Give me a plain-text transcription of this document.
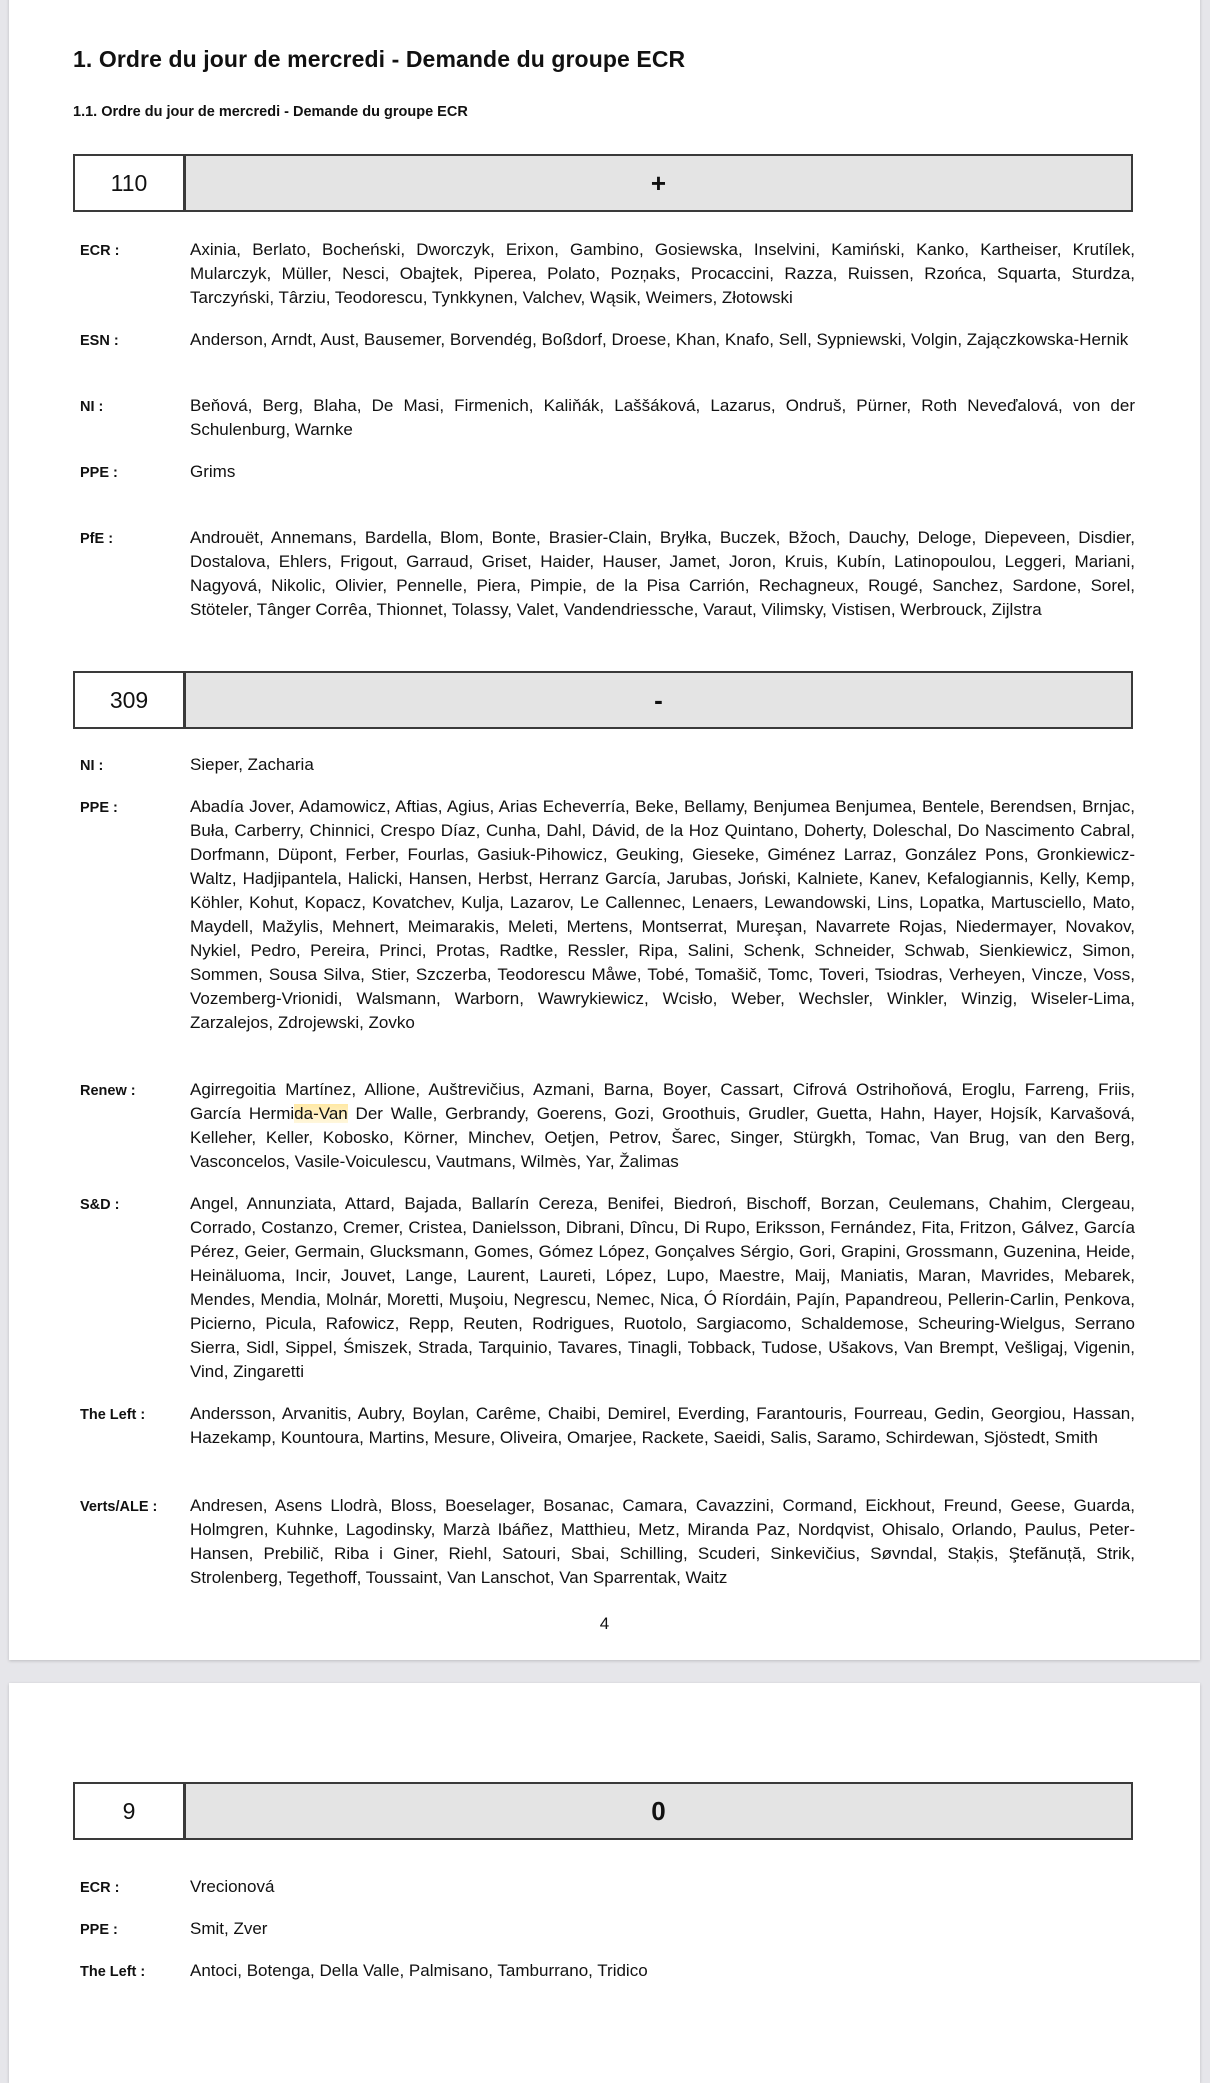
1. Ordre du jour de mercredi - Demande du groupe ECR
1.1. Ordre du jour de mercredi - Demande du groupe ECR
110	+
ECR :	Axinia, Berlato, Bocheński, Dworczyk, Erixon, Gambino, Gosiewska, Inselvini, Kamiński, Kanko, Kartheiser, Krutílek, Mularczyk, Müller, Nesci, Obajtek, Piperea, Polato, Pozņaks, Procaccini, Razza, Ruissen, Rzońca, Squarta, Sturdza, Tarczyński, Târziu, Teodorescu, Tynkkynen, Valchev, Wąsik, Weimers, Złotowski
ESN :	Anderson, Arndt, Aust, Bausemer, Borvendég, Boßdorf, Droese, Khan, Knafo, Sell, Sypniewski, Volgin, Zajączkowska-Hernik
NI :	Beňová, Berg, Blaha, De Masi, Firmenich, Kaliňák, Laššáková, Lazarus, Ondruš, Pürner, Roth Neveďalová, von der Schulenburg, Warnke
PPE :	Grims
PfE :	Androuët, Annemans, Bardella, Blom, Bonte, Brasier-Clain, Bryłka, Buczek, Bžoch, Dauchy, Deloge, Diepeveen, Disdier, Dostalova, Ehlers, Frigout, Garraud, Griset, Haider, Hauser, Jamet, Joron, Kruis, Kubín, Latinopoulou, Leggeri, Mariani, Nagyová, Nikolic, Olivier, Pennelle, Piera, Pimpie, de la Pisa Carrión, Rechagneux, Rougé, Sanchez, Sardone, Sorel, Stöteler, Tânger Corrêa, Thionnet, Tolassy, Valet, Vandendriessche, Varaut, Vilimsky, Vistisen, Werbrouck, Zijlstra
309	-
NI :	Sieper, Zacharia
PPE :	Abadía Jover, Adamowicz, Aftias, Agius, Arias Echeverría, Beke, Bellamy, Benjumea Benjumea, Bentele, Berendsen, Brnjac, Buła, Carberry, Chinnici, Crespo Díaz, Cunha, Dahl, Dávid, de la Hoz Quintano, Doherty, Doleschal, Do Nascimento Cabral, Dorfmann, Düpont, Ferber, Fourlas, Gasiuk-Pihowicz, Geuking, Gieseke, Giménez Larraz, González Pons, Gronkiewicz-Waltz, Hadjipantela, Halicki, Hansen, Herbst, Herranz García, Jarubas, Joński, Kalniete, Kanev, Kefalogiannis, Kelly, Kemp, Köhler, Kohut, Kopacz, Kovatchev, Kulja, Lazarov, Le Callennec, Lenaers, Lewandowski, Lins, Lopatka, Martusciello, Mato, Maydell, Mažylis, Mehnert, Meimarakis, Meleti, Mertens, Montserrat, Mureşan, Navarrete Rojas, Niedermayer, Novakov, Nykiel, Pedro, Pereira, Princi, Protas, Radtke, Ressler, Ripa, Salini, Schenk, Schneider, Schwab, Sienkiewicz, Simon, Sommen, Sousa Silva, Stier, Szczerba, Teodorescu Måwe, Tobé, Tomašič, Tomc, Toveri, Tsiodras, Verheyen, Vincze, Voss, Vozemberg-Vrionidi, Walsmann, Warborn, Wawrykiewicz, Wcisło, Weber, Wechsler, Winkler, Winzig, Wiseler-Lima, Zarzalejos, Zdrojewski, Zovko
Renew :	Agirregoitia Martínez, Allione, Auštrevičius, Azmani, Barna, Boyer, Cassart, Cifrová Ostrihoňová, Eroglu, Farreng, Friis, García Hermida-Van Der Walle, Gerbrandy, Goerens, Gozi, Groothuis, Grudler, Guetta, Hahn, Hayer, Hojsík, Karvašová, Kelleher, Keller, Kobosko, Körner, Minchev, Oetjen, Petrov, Šarec, Singer, Stürgkh, Tomac, Van Brug, van den Berg, Vasconcelos, Vasile-Voiculescu, Vautmans, Wilmès, Yar, Žalimas
S&D :	Angel, Annunziata, Attard, Bajada, Ballarín Cereza, Benifei, Biedroń, Bischoff, Borzan, Ceulemans, Chahim, Clergeau, Corrado, Costanzo, Cremer, Cristea, Danielsson, Dibrani, Dîncu, Di Rupo, Eriksson, Fernández, Fita, Fritzon, Gálvez, García Pérez, Geier, Germain, Glucksmann, Gomes, Gómez López, Gonçalves Sérgio, Gori, Grapini, Grossmann, Guzenina, Heide, Heinäluoma, Incir, Jouvet, Lange, Laurent, Laureti, López, Lupo, Maestre, Maij, Maniatis, Maran, Mavrides, Mebarek, Mendes, Mendia, Molnár, Moretti, Muşoiu, Negrescu, Nemec, Nica, Ó Ríordáin, Pajín, Papandreou, Pellerin-Carlin, Penkova, Picierno, Picula, Rafowicz, Repp, Reuten, Rodrigues, Ruotolo, Sargiacomo, Schaldemose, Scheuring-Wielgus, Serrano Sierra, Sidl, Sippel, Śmiszek, Strada, Tarquinio, Tavares, Tinagli, Tobback, Tudose, Ušakovs, Van Brempt, Vešligaj, Vigenin, Vind, Zingaretti
The Left :	Andersson, Arvanitis, Aubry, Boylan, Carême, Chaibi, Demirel, Everding, Farantouris, Fourreau, Gedin, Georgiou, Hassan, Hazekamp, Kountoura, Martins, Mesure, Oliveira, Omarjee, Rackete, Saeidi, Salis, Saramo, Schirdewan, Sjöstedt, Smith
Verts/ALE :	Andresen, Asens Llodrà, Bloss, Boeselager, Bosanac, Camara, Cavazzini, Cormand, Eickhout, Freund, Geese, Guarda, Holmgren, Kuhnke, Lagodinsky, Marzà Ibáñez, Matthieu, Metz, Miranda Paz, Nordqvist, Ohisalo, Orlando, Paulus, Peter-Hansen, Prebilič, Riba i Giner, Riehl, Satouri, Sbai, Schilling, Scuderi, Sinkevičius, Søvndal, Staķis, Ştefănuță, Strik, Strolenberg, Tegethoff, Toussaint, Van Lanschot, Van Sparrentak, Waitz
4
9	0
ECR :	Vrecionová
PPE :	Smit, Zver
The Left :	Antoci, Botenga, Della Valle, Palmisano, Tamburrano, Tridico
